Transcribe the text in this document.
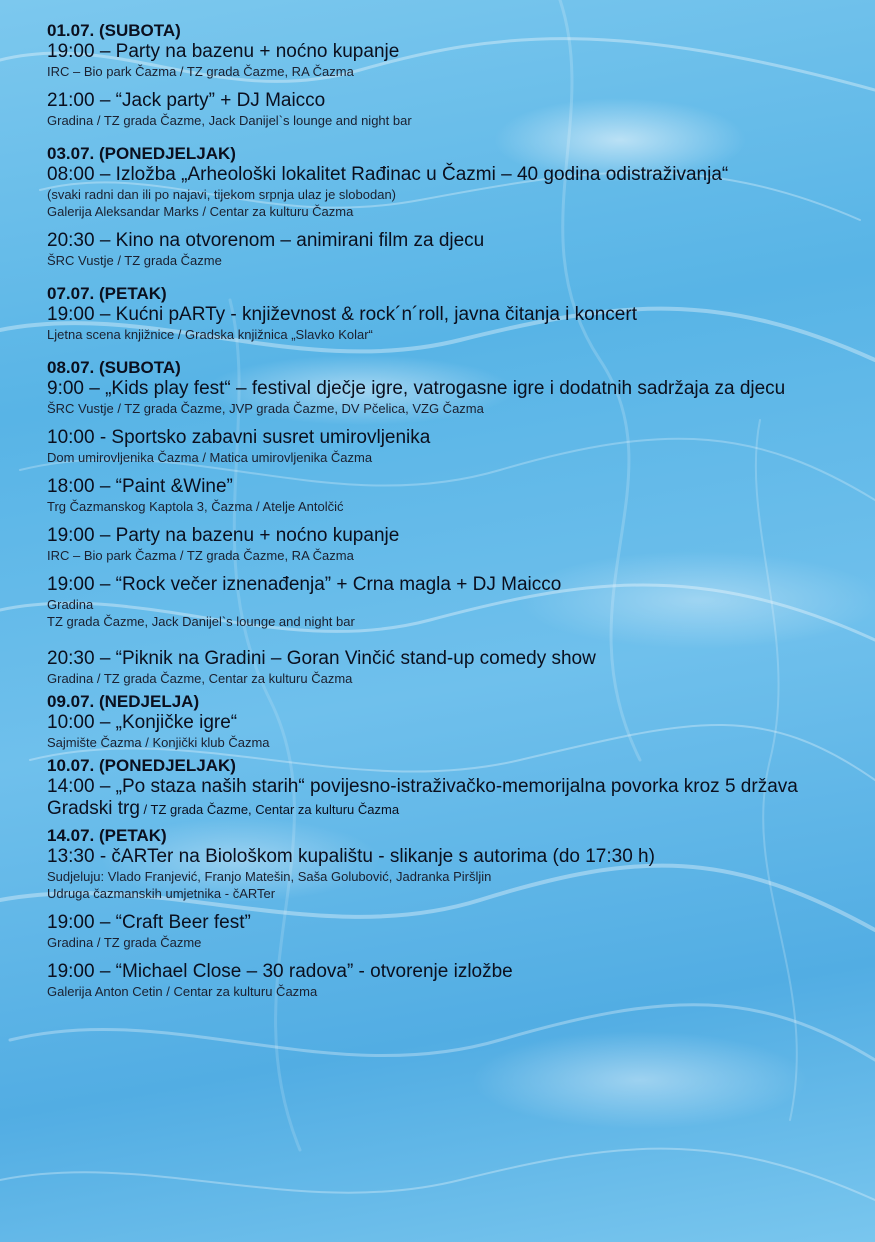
01.07. (SUBOTA)

19:00 – Party na bazenu + noćno kupanje

IRC – Bio park Čazma / TZ grada Čazme, RA Čazma

21:00 – “Jack party” + DJ Maicco

Gradina / TZ grada Čazme, Jack Danijel`s lounge and night bar

03.07. (PONEDJELJAK)

08:00 – Izložba „Arheološki lokalitet Rađinac u Čazmi – 40 godina odistraživanja“

(svaki radni dan ili po najavi, tijekom srpnja ulaz je slobodan)

Galerija Aleksandar Marks / Centar za kulturu Čazma

20:30 – Kino na otvorenom – animirani film za djecu

ŠRC Vustje / TZ grada Čazme

07.07. (PETAK)

19:00 – Kućni pARTy - književnost & rock´n´roll, javna čitanja i koncert

Ljetna scena knjižnice / Gradska knjižnica „Slavko Kolar“

08.07. (SUBOTA)

9:00 – „Kids play fest“ – festival dječje igre, vatrogasne igre i dodatnih sadržaja za djecu

ŠRC Vustje / TZ grada Čazme, JVP grada Čazme, DV Pčelica, VZG Čazma

10:00 - Sportsko zabavni susret umirovljenika

Dom umirovljenika Čazma / Matica umirovljenika Čazma

18:00 – “Paint &Wine”

Trg Čazmanskog Kaptola 3, Čazma / Atelje Antolčić

19:00 – Party na bazenu + noćno kupanje

IRC – Bio park Čazma / TZ grada Čazme, RA Čazma

19:00 – “Rock večer iznenađenja” + Crna magla + DJ Maicco

Gradina

TZ grada Čazme, Jack Danijel`s lounge and night bar

20:30 – “Piknik na Gradini – Goran Vinčić stand-up comedy show

Gradina / TZ grada Čazme, Centar za kulturu Čazma

09.07. (NEDJELJA)

10:00 – „Konjičke igre“

Sajmište Čazma / Konjički klub Čazma

10.07. (PONEDJELJAK)

14:00 – „Po staza naših starih“ povijesno-istraživačko-memorijalna povorka kroz 5 država Gradski trg / TZ grada Čazme, Centar za kulturu Čazma

14.07. (PETAK)

13:30 - čARTer na Biološkom kupalištu - slikanje s autorima (do 17:30 h)

Sudjeluju: Vlado Franjević, Franjo Matešin, Saša Golubović, Jadranka Piršljin

Udruga čazmanskih umjetnika - čARTer

19:00 – “Craft Beer fest”

Gradina / TZ grada Čazme

19:00 – “Michael Close – 30 radova” - otvorenje izložbe

Galerija Anton Cetin / Centar za kulturu Čazma
